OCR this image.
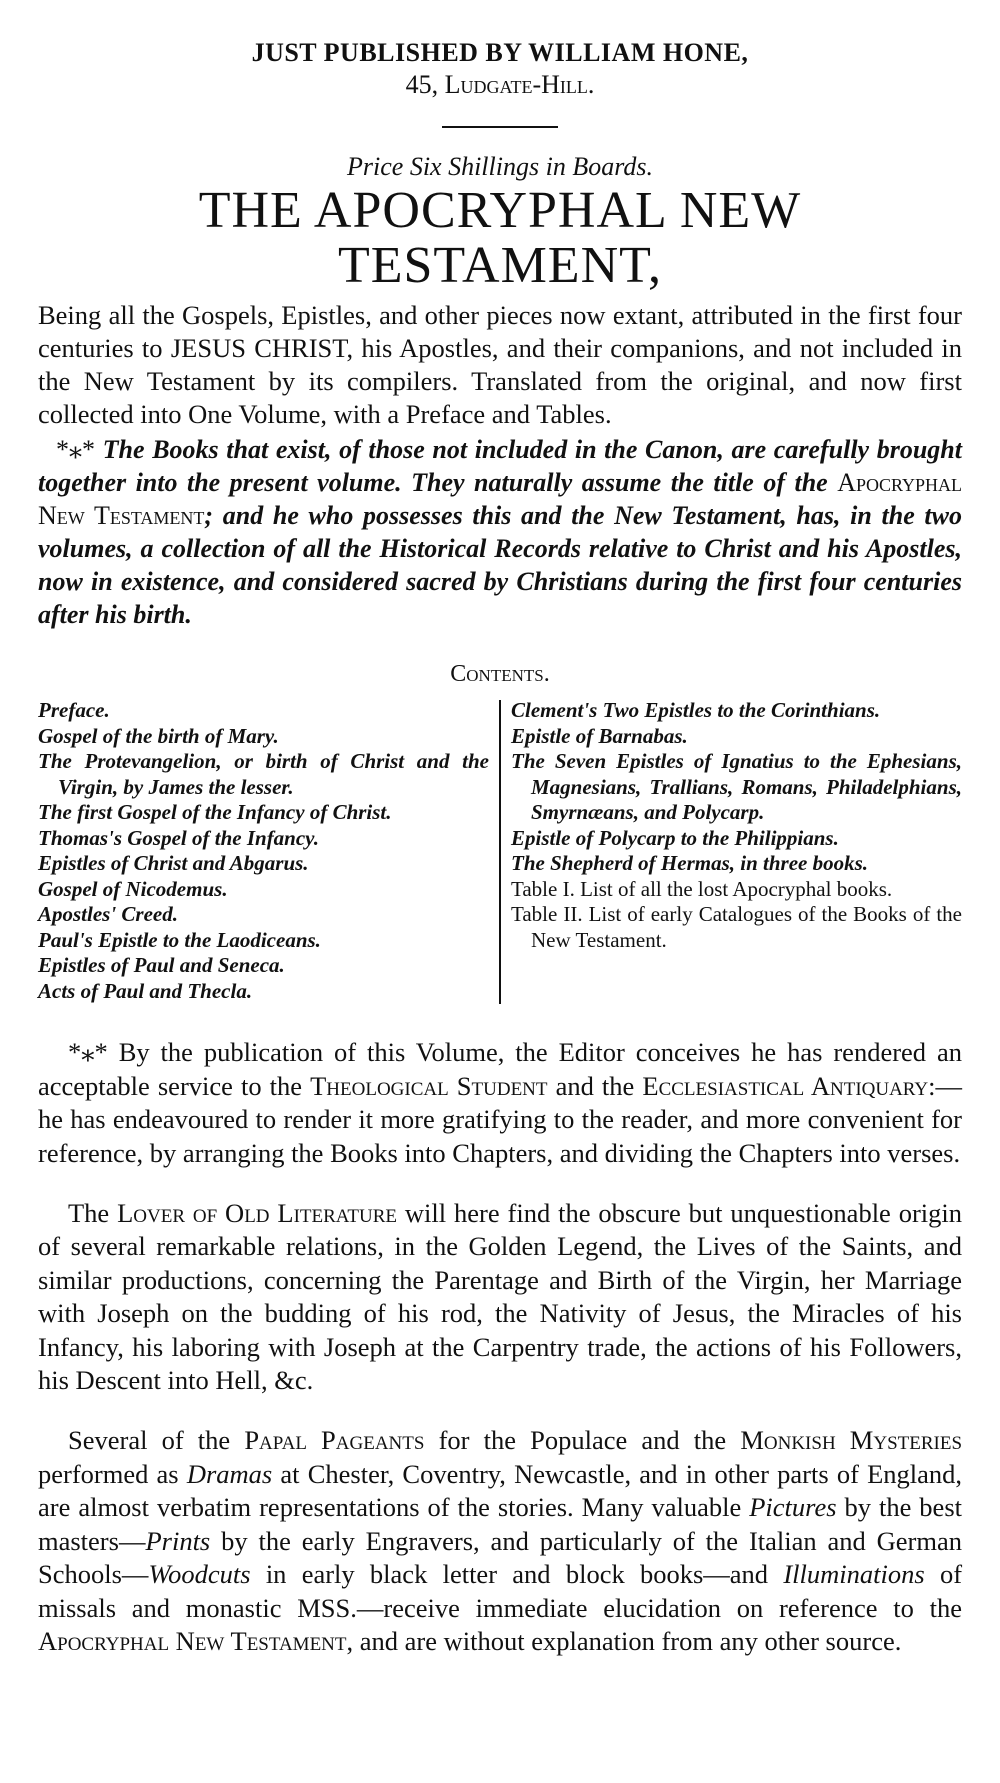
JUST PUBLISHED BY WILLIAM HONE,
45, Ludgate-Hill.
Price Six Shillings in Boards.
THE APOCRYPHAL NEW TESTAMENT,
Being all the Gospels, Epistles, and other pieces now extant, attributed in the first four centuries to JESUS CHRIST, his Apostles, and their companions, and not included in the New Testament by its compilers. Translated from the original, and now first collected into One Volume, with a Preface and Tables.
*⁎* The Books that exist, of those not included in the Canon, are carefully brought together into the present volume. They naturally assume the title of the Apocryphal New Testament; and he who possesses this and the New Testament, has, in the two volumes, a collection of all the Historical Records relative to Christ and his Apostles, now in existence, and considered sacred by Christians during the first four centuries after his birth.
Contents.
Preface.
Gospel of the birth of Mary.
The Protevangelion, or birth of Christ and the Virgin, by James the lesser.
The first Gospel of the Infancy of Christ.
Thomas's Gospel of the Infancy.
Epistles of Christ and Abgarus.
Gospel of Nicodemus.
Apostles' Creed.
Paul's Epistle to the Laodiceans.
Epistles of Paul and Seneca.
Acts of Paul and Thecla.
Clement's Two Epistles to the Corinthians.
Epistle of Barnabas.
The Seven Epistles of Ignatius to the Ephesians, Magnesians, Trallians, Romans, Philadelphians, Smyrnæans, and Polycarp.
Epistle of Polycarp to the Philippians.
The Shepherd of Hermas, in three books.
Table I. List of all the lost Apocryphal books.
Table II. List of early Catalogues of the Books of the New Testament.

*⁎* By the publication of this Volume, the Editor conceives he has rendered an acceptable service to the Theological Student and the Ecclesiastical Antiquary:—he has endeavoured to render it more gratifying to the reader, and more convenient for reference, by arranging the Books into Chapters, and dividing the Chapters into verses.

The Lover of Old Literature will here find the obscure but unquestionable origin of several remarkable relations, in the Golden Legend, the Lives of the Saints, and similar productions, concerning the Parentage and Birth of the Virgin, her Marriage with Joseph on the budding of his rod, the Nativity of Jesus, the Miracles of his Infancy, his laboring with Joseph at the Carpentry trade, the actions of his Followers, his Descent into Hell, &c.

Several of the Papal Pageants for the Populace and the Monkish Mysteries performed as Dramas at Chester, Coventry, Newcastle, and in other parts of England, are almost verbatim representations of the stories. Many valuable Pictures by the best masters—Prints by the early Engravers, and particularly of the Italian and German Schools—Woodcuts in early black letter and block books—and Illuminations of missals and monastic MSS.—receive immediate elucidation on reference to the Apocryphal New Testament, and are without explanation from any other source.
